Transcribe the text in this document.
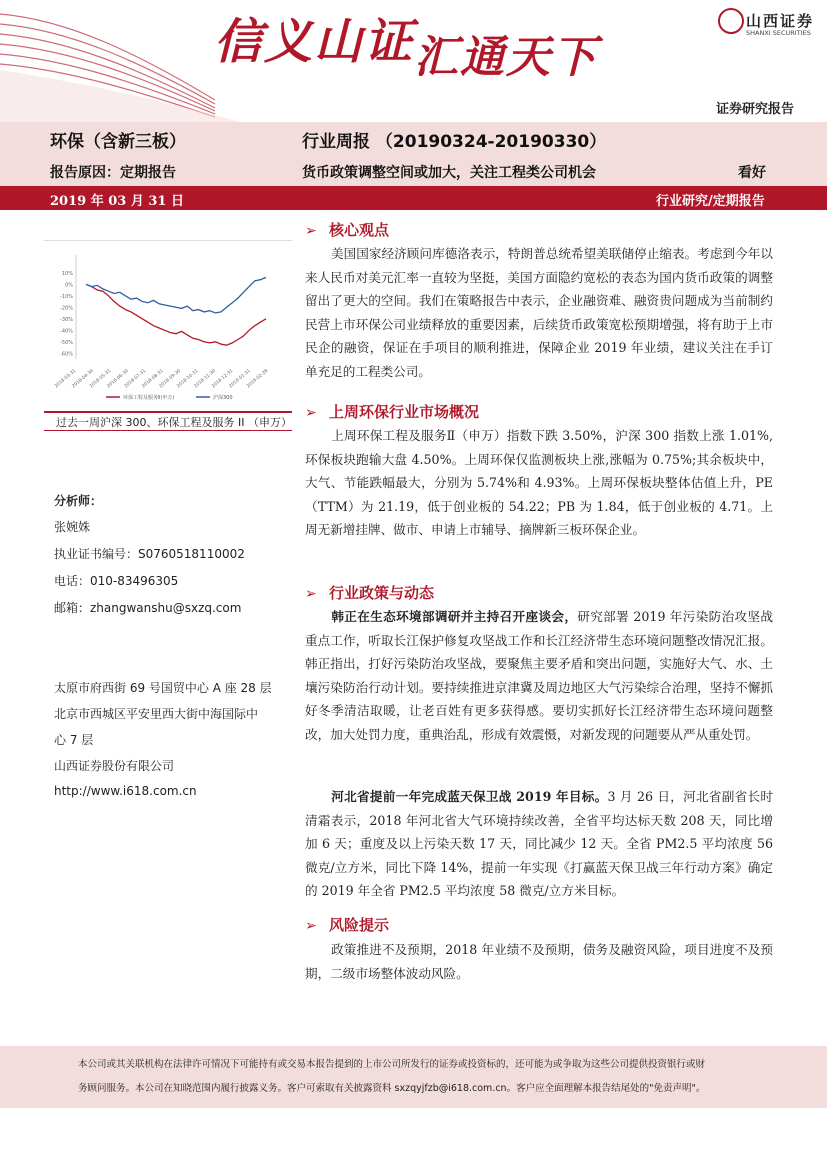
信义山证汇通天下
山西证券
SHANXI SECURITIES
证券研究报告
环保（含新三板）	行业周报 （20190324-20190330）
报告原因：定期报告	货币政策调整空间或加大，关注工程类公司机会	看好
2019 年 03 月 31 日	行业研究/定期报告
10%
0%
-10%
-20%
-30%
-40%
-50%
-60%
2018-03-31
2018-04-30
2018-05-31
2018-06-30
2018-07-31
2018-08-31
2018-09-30
2018-10-31
2018-11-30
2018-12-31
2019-01-31
2019-02-28
环保工程及服务Ⅱ(申万)	沪深300
过去一周沪深 300、环保工程及服务 II （申万）
分析师：
张婉姝
执业证书编号：S0760518110002
电话：010-83496305
邮箱：zhangwanshu@sxzq.com
太原市府西街 69 号国贸中心 A 座 28 层
北京市西城区平安里西大街中海国际中
心 7 层
山西证券股份有限公司
http://www.i618.com.cn
➢ 核心观点
美国国家经济顾问库德洛表示，特朗普总统希望美联储停止缩表。考虑到今年以来人民币对美元汇率一直较为坚挺，美国方面隐约宽松的表态为国内货币政策的调整留出了更大的空间。我们在策略报告中表示，企业融资难、融资贵问题成为当前制约民营上市环保公司业绩释放的重要因素，后续货币政策宽松预期增强，将有助于上市民企的融资，保证在手项目的顺利推进，保障企业 2019 年业绩，建议关注在手订单充足的工程类公司。
➢ 上周环保行业市场概况
上周环保工程及服务Ⅱ（申万）指数下跌 3.50%，沪深 300 指数上涨 1.01%,环保板块跑输大盘 4.50%。上周环保仅监测板块上涨,涨幅为 0.75%;其余板块中，大气、节能跌幅最大，分别为 5.74%和 4.93%。上周环保板块整体估值上升，PE（TTM）为 21.19，低于创业板的 54.22；PB 为 1.84，低于创业板的 4.71。上周无新增挂牌、做市、申请上市辅导、摘牌新三板环保企业。
➢ 行业政策与动态
韩正在生态环境部调研并主持召开座谈会，研究部署 2019 年污染防治攻坚战重点工作，听取长江保护修复攻坚战工作和长江经济带生态环境问题整改情况汇报。韩正指出，打好污染防治攻坚战，要聚焦主要矛盾和突出问题，实施好大气、水、土壤污染防治行动计划。要持续推进京津冀及周边地区大气污染综合治理，坚持不懈抓好冬季清洁取暖，让老百姓有更多获得感。要切实抓好长江经济带生态环境问题整改，加大处罚力度，重典治乱，形成有效震慑，对新发现的问题要从严从重处罚。
河北省提前一年完成蓝天保卫战 2019 年目标。3 月 26 日，河北省副省长时清霜表示，2018 年河北省大气环境持续改善，全省平均达标天数 208 天，同比增加 6 天；重度及以上污染天数 17 天，同比减少 12 天。全省 PM2.5 平均浓度 56 微克/立方米，同比下降 14%，提前一年实现《打赢蓝天保卫战三年行动方案》确定的 2019 年全省 PM2.5 平均浓度 58 微克/立方米目标。
➢ 风险提示
政策推进不及预期，2018 年业绩不及预期，债务及融资风险，项目进度不及预期，二级市场整体波动风险。
本公司或其关联机构在法律许可情况下可能持有或交易本报告提到的上市公司所发行的证券或投资标的，还可能为或争取为这些公司提供投资银行或财
务顾问服务。本公司在知晓范围内履行披露义务。客户可索取有关披露资料 sxzqyjfzb@i618.com.cn。客户应全面理解本报告结尾处的"免责声明"。
